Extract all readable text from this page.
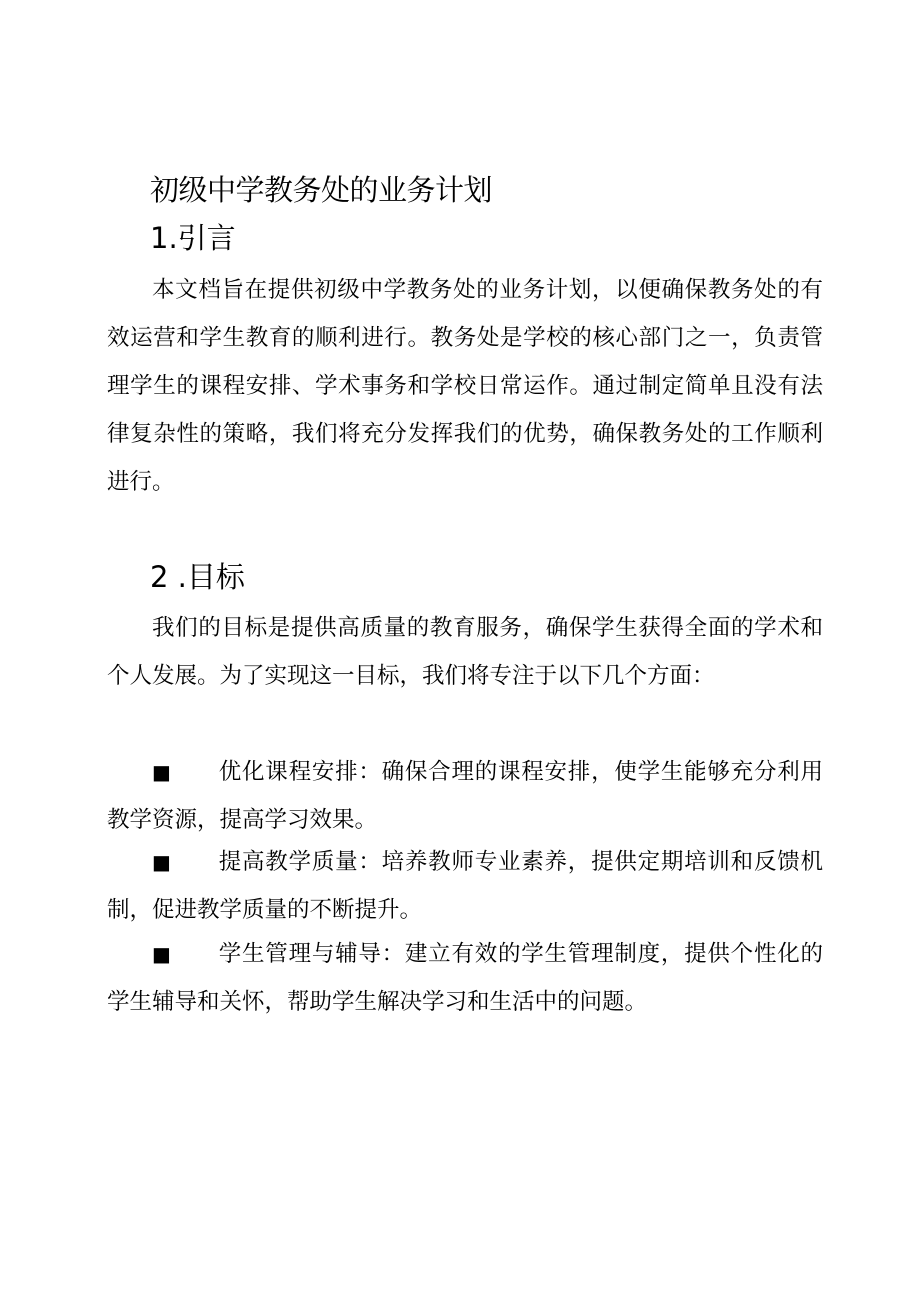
初级中学教务处的业务计划
1.引言

本文档旨在提供初级中学教务处的业务计划，以便确保教务处的有效运营和学生教育的顺利进行。教务处是学校的核心部门之一，负责管理学生的课程安排、学术事务和学校日常运作。通过制定简单且没有法律复杂性的策略，我们将充分发挥我们的优势，确保教务处的工作顺利进行。

2 .目标

我们的目标是提供高质量的教育服务，确保学生获得全面的学术和个人发展。为了实现这一目标，我们将专注于以下几个方面：

■ 优化课程安排：确保合理的课程安排，使学生能够充分利用教学资源，提高学习效果。

■ 提高教学质量：培养教师专业素养，提供定期培训和反馈机制，促进教学质量的不断提升。

■ 学生管理与辅导：建立有效的学生管理制度，提供个性化的学生辅导和关怀，帮助学生解决学习和生活中的问题。
